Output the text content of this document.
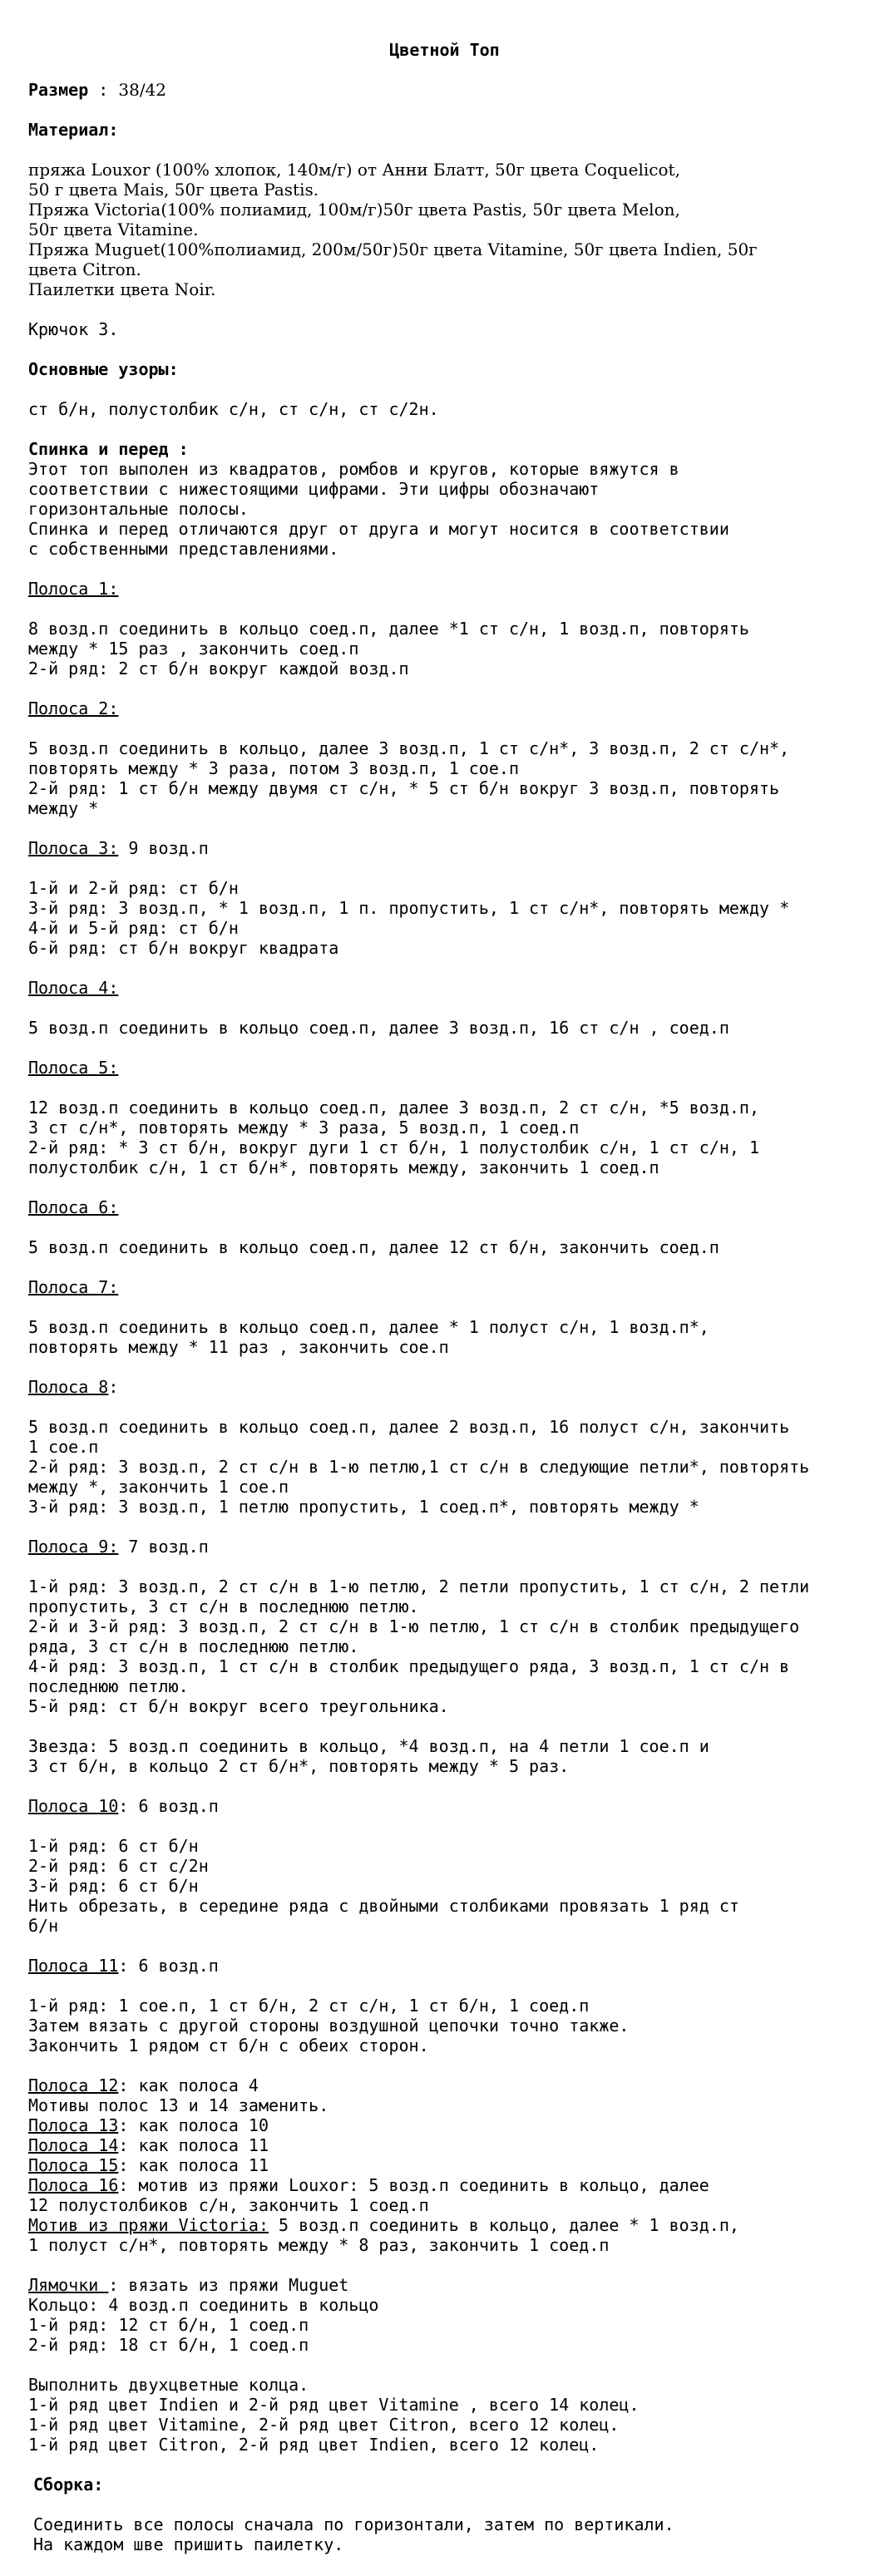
Цветной Топ

Размер : 38/42

Материал:

пряжа Louxor (100% хлопок, 140м/г) от Анни Блатт, 50г цвета Coquelicot,

50 г цвета Mais, 50г цвета Pastis.

Пряжа Victoria(100% полиамид, 100м/г)50г цвета Pastis, 50г цвета Melon,

50г цвета Vitamine.

Пряжа Muguet(100%полиамид, 200м/50г)50г цвета Vitamine, 50г цвета Indien, 50г

цвета Citron.

Паилетки цвета Noir.

Крючок 3.

Основные узоры:

ст б/н, полустолбик с/н, ст с/н, ст с/2н.

Спинка и перед :

Этот топ выполен из квадратов, ромбов и кругов, которые вяжутся в

соответствии с нижестоящими цифрами. Эти цифры обозначают

горизонтальные полосы.

Спинка и перед отличаются друг от друга и могут носится в соответствии

с собственными представлениями.

Полоса 1:

8 возд.п соединить в кольцо соед.п, далее *1 ст с/н, 1 возд.п, повторять

между * 15 раз , закончить соед.п

2-й ряд: 2 ст б/н вокруг каждой возд.п

Полоса 2:

5 возд.п соединить в кольцо, далее 3 возд.п, 1 ст с/н*, 3 возд.п, 2 ст с/н*,

повторять между * 3 раза, потом 3 возд.п, 1 сое.п

2-й ряд: 1 ст б/н между двумя ст с/н, * 5 ст б/н вокруг 3 возд.п, повторять

между *

Полоса 3: 9 возд.п

1-й и 2-й ряд: ст б/н

3-й ряд: 3 возд.п, * 1 возд.п, 1 п. пропустить, 1 ст с/н*, повторять между *

4-й и 5-й ряд: ст б/н

6-й ряд: ст б/н вокруг квадрата

Полоса 4:

5 возд.п соединить в кольцо соед.п, далее 3 возд.п, 16 ст с/н , соед.п

Полоса 5:

12 возд.п соединить в кольцо соед.п, далее 3 возд.п, 2 ст с/н, *5 возд.п,

3 ст с/н*, повторять между * 3 раза, 5 возд.п, 1 соед.п

2-й ряд: * 3 ст б/н, вокруг дуги 1 ст б/н, 1 полустолбик с/н, 1 ст с/н, 1

полустолбик с/н, 1 ст б/н*, повторять между, закончить 1 соед.п

Полоса 6:

5 возд.п соединить в кольцо соед.п, далее 12 ст б/н, закончить соед.п

Полоса 7:

5 возд.п соединить в кольцо соед.п, далее * 1 полуст с/н, 1 возд.п*,

повторять между * 11 раз , закончить сое.п

Полоса 8:

5 возд.п соединить в кольцо соед.п, далее 2 возд.п, 16 полуст с/н, закончить

1 сое.п

2-й ряд: 3 возд.п, 2 ст с/н в 1-ю петлю,1 ст с/н в следующие петли*, повторять

между *, закончить 1 сое.п

3-й ряд: 3 возд.п, 1 петлю пропустить, 1 соед.п*, повторять между *

Полоса 9: 7 возд.п

1-й ряд: 3 возд.п, 2 ст с/н в 1-ю петлю, 2 петли пропустить, 1 ст с/н, 2 петли

пропустить, 3 ст с/н в последнюю петлю.

2-й и 3-й ряд: 3 возд.п, 2 ст с/н в 1-ю петлю, 1 ст с/н в столбик предыдущего

ряда, 3 ст с/н в последнюю петлю.

4-й ряд: 3 возд.п, 1 ст с/н в столбик предыдущего ряда, 3 возд.п, 1 ст с/н в

последнюю петлю.

5-й ряд: ст б/н вокруг всего треугольника.

Звезда: 5 возд.п соединить в кольцо, *4 возд.п, на 4 петли 1 сое.п и

3 ст б/н, в кольцо 2 ст б/н*, повторять между * 5 раз.

Полоса 10: 6 возд.п

1-й ряд: 6 ст б/н

2-й ряд: 6 ст с/2н

3-й ряд: 6 ст б/н

Нить обрезать, в середине ряда с двойными столбиками провязать 1 ряд ст

б/н

Полоса 11: 6 возд.п

1-й ряд: 1 сое.п, 1 ст б/н, 2 ст с/н, 1 ст б/н, 1 соед.п

Затем вязать с другой стороны воздушной цепочки точно также.

Закончить 1 рядом ст б/н с обеих сторон.

Полоса 12: как полоса 4

Мотивы полос 13 и 14 заменить.

Полоса 13: как полоса 10

Полоса 14: как полоса 11

Полоса 15: как полоса 11

Полоса 16: мотив из пряжи Louxor: 5 возд.п соединить в кольцо, далее

12 полустолбиков с/н, закончить 1 соед.п

Мотив из пряжи Victoria: 5 возд.п соединить в кольцо, далее * 1 возд.п,

1 полуст с/н*, повторять между * 8 раз, закончить 1 соед.п

Лямочки : вязать из пряжи Muguet

Кольцо: 4 возд.п соединить в кольцо

1-й ряд: 12 ст б/н, 1 соед.п

2-й ряд: 18 ст б/н, 1 соед.п

Выполнить двухцветные колца.

1-й ряд цвет Indien и 2-й ряд цвет Vitamine , всего 14 колец.

1-й ряд цвет Vitamine, 2-й ряд цвет Citron, всего 12 колец.

1-й ряд цвет Citron, 2-й ряд цвет Indien, всего 12 колец.

Сборка:

Соединить все полосы сначала по горизонтали, затем по вертикали.

На каждом шве пришить паилетку.
